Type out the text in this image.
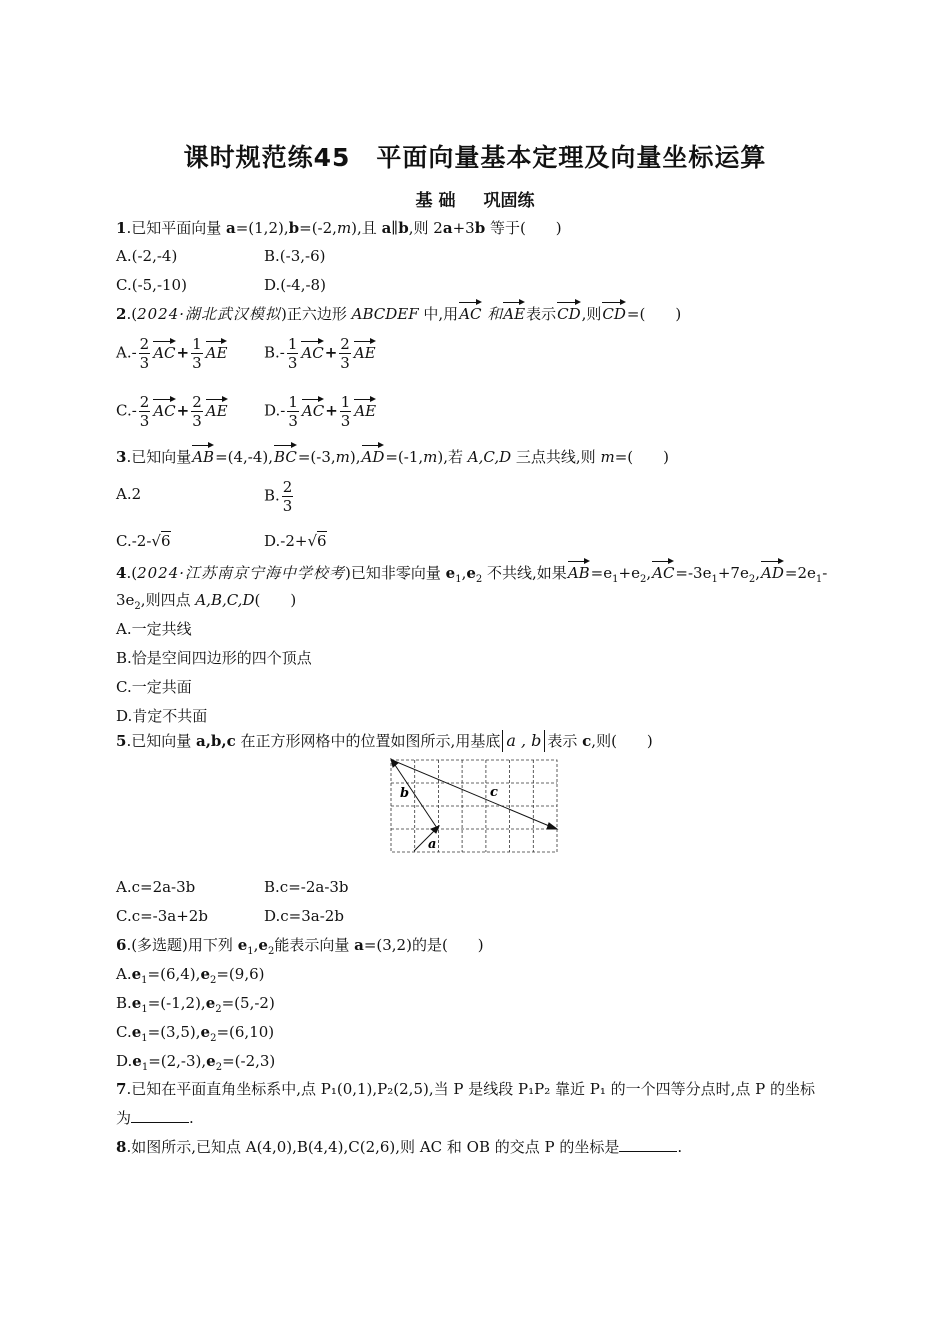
课时规范练45　平面向量基本定理及向量坐标运算
基 础 巩固练
1.已知平面向量 a=(1,2),b=(-2,m),且 a∥b,则 2a+3b 等于(　　)
A.(-2,-4)	B.(-3,-6)
C.(-5,-10)	D.(-4,-8)
2.(2024·湖北武汉模拟)正六边形 ABCDEF 中,用AC 和AE表示CD,则CD=(　　)
$A.- \frac{2}{3} AC+ \frac{1}{3}$ AE $B.- \frac{1}{3} AC+ \frac{2}{3}$ AE
$C.- \frac{2}{3} AC+ \frac{2}{3}$ AE $D.- \frac{1}{3} AC+ \frac{1}{3}$ AE
3.已知向量AB=(4,-4),BC=(-3,m),AD=(-1,m),若 A,C,D 三点共线,则 m=(　　)
A.2	B. $\frac{2}{3}$
C.-2-√6	D.-2+√6
4.(2024·江苏南京宁海中学校考)已知非零向量 $e_1,e_2$ 不共线,如果$AB=e_1+e_2,AC=-3e_1+7e_2,AD=2e_1-$
$3e_2$,则四点 A,B,C,D(　　)
A.一定共线
B.恰是空间四边形的四个顶点
C.一定共面
D.肯定不共面
5.已知向量 a,b,c 在正方形网格中的位置如图所示,用基底 a , b 表示 c,则(　　)
a
b	c
A.c=2a-3b	B.c=-2a-3b
C.c=-3a+2b	D.c=3a-2b
6.(多选题)用下列 $e_1,e_2$能表示向量 a=(3,2)的是(　　)
$A.e_1=(6,4),e_2=(9,6)$
$B.e_1=(-1,2),e_2=(5,-2)$
$C.e_1=(3,5),e_2=(6,10)$
$D.e_1=(2,-3),e_2=(-2,3)$
7.已知在平面直角坐标系中,点 P₁(0,1),P₂(2,5),当 P 是线段 P₁P₂ 靠近 P₁ 的一个四等分点时,点 P 的坐标
为	.
8.如图所示,已知点 A(4,0),B(4,4),C(2,6),则 AC 和 OB 的交点 P 的坐标是	.
